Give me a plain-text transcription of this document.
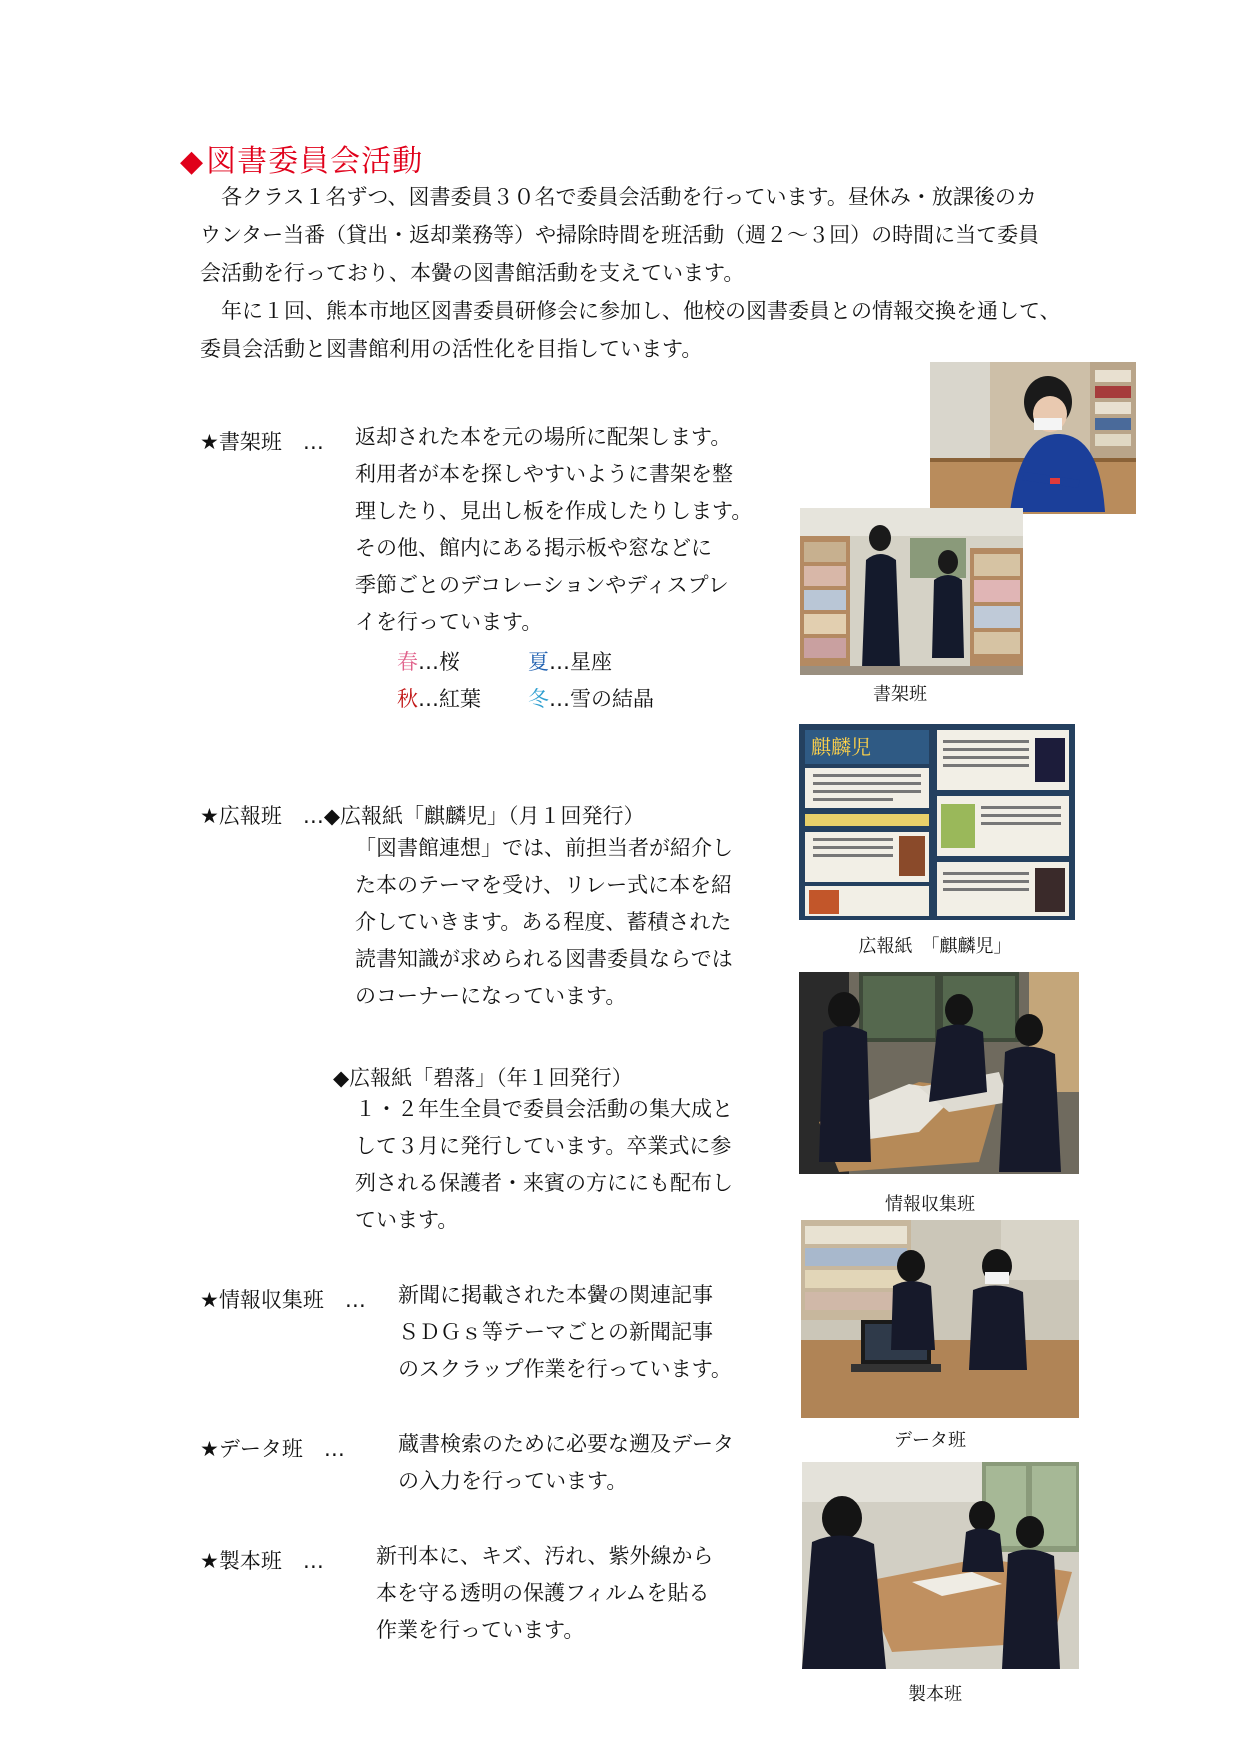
◆図書委員会活動
　各クラス１名ずつ、図書委員３０名で委員会活動を行っています。昼休み・放課後のカ
ウンター当番（貸出・返却業務等）や掃除時間を班活動（週２〜３回）の時間に当て委員
会活動を行っており、本黌の図書館活動を支えています。
　年に１回、熊本市地区図書委員研修会に参加し、他校の図書委員との情報交換を通して、
委員会活動と図書館利用の活性化を目指しています。
★書架班　… 返却された本を元の場所に配架します。
利用者が本を探しやすいように書架を整
理したり、見出し板を作成したりします。
その他、館内にある掲示板や窓などに
季節ごとのデコレーションやディスプレ
イを行っています。
春…桜	夏…星座
秋…紅葉 冬…雪の結晶
★広報班　…◆広報紙「麒麟児」（月１回発行）
「図書館連想」では、前担当者が紹介し
た本のテーマを受け、リレー式に本を紹
介していきます。ある程度、蓄積された
読書知識が求められる図書委員ならでは
のコーナーになっています。
◆広報紙「碧落」（年１回発行）
１・２年生全員で委員会活動の集大成と
して３月に発行しています。卒業式に参
列される保護者・来賓の方ににも配布し
ています。
★情報収集班　… 新聞に掲載された本黌の関連記事
ＳＤＧｓ等テーマごとの新聞記事
のスクラップ作業を行っています。
★データ班　…	蔵書検索のために必要な遡及データ
の入力を行っています。
★製本班　… 新刊本に、キズ、汚れ、紫外線から
本を守る透明の保護フィルムを貼る
作業を行っています。
書架班
麒麟児
広報紙　「麒麟児」
情報収集班
データ班
製本班
